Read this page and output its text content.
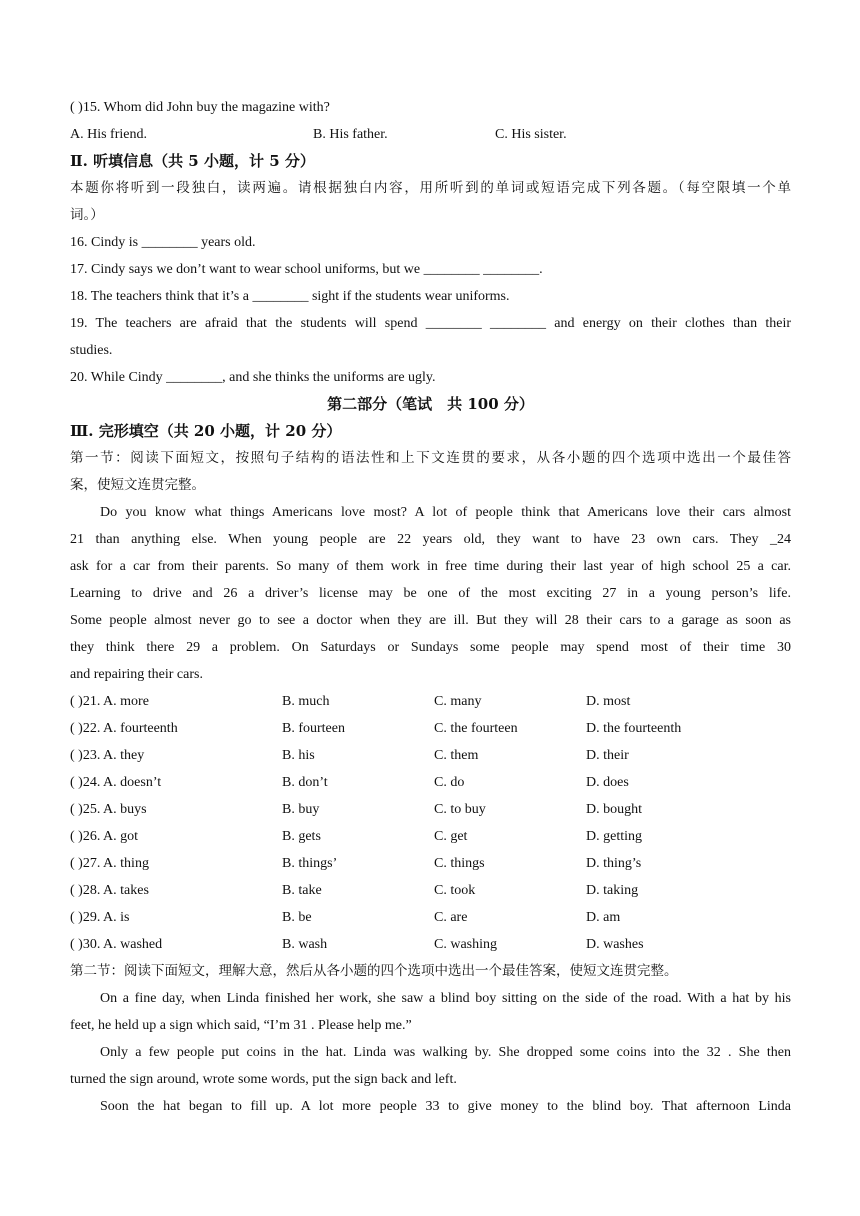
( )15. Whom did John buy the magazine with?
A. His friend.	B. His father.	C. His sister.
Ⅱ. 听填信息（共 5 小题，计 5 分）
本题你将听到一段独白，读两遍。请根据独白内容，用所听到的单词或短语完成下列各题。（每空限填一个单
词。）
16. Cindy is ________ years old.
17. Cindy says we don’t want to wear school uniforms, but we ________ ________.
18. The teachers think that it’s a ________ sight if the students wear uniforms.
19. The teachers are afraid that the students will spend ________ ________ and energy on their clothes than their
studies.
20. While Cindy ________, and she thinks the uniforms are ugly.
第二部分（笔试　共 100 分）
Ⅲ. 完形填空（共 20 小题，计 20 分）
第一节：阅读下面短文，按照句子结构的语法性和上下文连贯的要求，从各小题的四个选项中选出一个最佳答
案，使短文连贯完整。
Do you know what things Americans love most? A lot of people think that Americans love their cars almost
21 than anything else. When young people are 22 years old, they want to have 23 own cars. They _24
ask for a car from their parents. So many of them work in free time during their last year of high school 25 a car.
Learning to drive and 26 a driver’s license may be one of the most exciting 27 in a young person’s life.
Some people almost never go to see a doctor when they are ill. But they will 28 their cars to a garage as soon as
they think there 29 a problem. On Saturdays or Sundays some people may spend most of their time 30
and repairing their cars.
( )21. A. more	B. much	C. many	D. most
( )22. A. fourteenth	B. fourteen	C. the fourteen	D. the fourteenth
( )23. A. they	B. his	C. them	D. their
( )24. A. doesn’t	B. don’t	C. do	D. does
( )25. A. buys	B. buy	C. to buy	D. bought
( )26. A. got	B. gets	C. get	D. getting
( )27. A. thing	B. things’	C. things	D. thing’s
( )28. A. takes	B. take	C. took	D. taking
( )29. A. is	B. be	C. are	D. am
( )30. A. washed	B. wash	C. washing	D. washes
第二节：阅读下面短文，理解大意，然后从各小题的四个选项中选出一个最佳答案，使短文连贯完整。
On a fine day, when Linda finished her work, she saw a blind boy sitting on the side of the road. With a hat by his
feet, he held up a sign which said, “I’m 31 . Please help me.”
Only a few people put coins in the hat. Linda was walking by. She dropped some coins into the 32 . She then
turned the sign around, wrote some words, put the sign back and left.
Soon the hat began to fill up. A lot more people 33 to give money to the blind boy. That afternoon Linda
